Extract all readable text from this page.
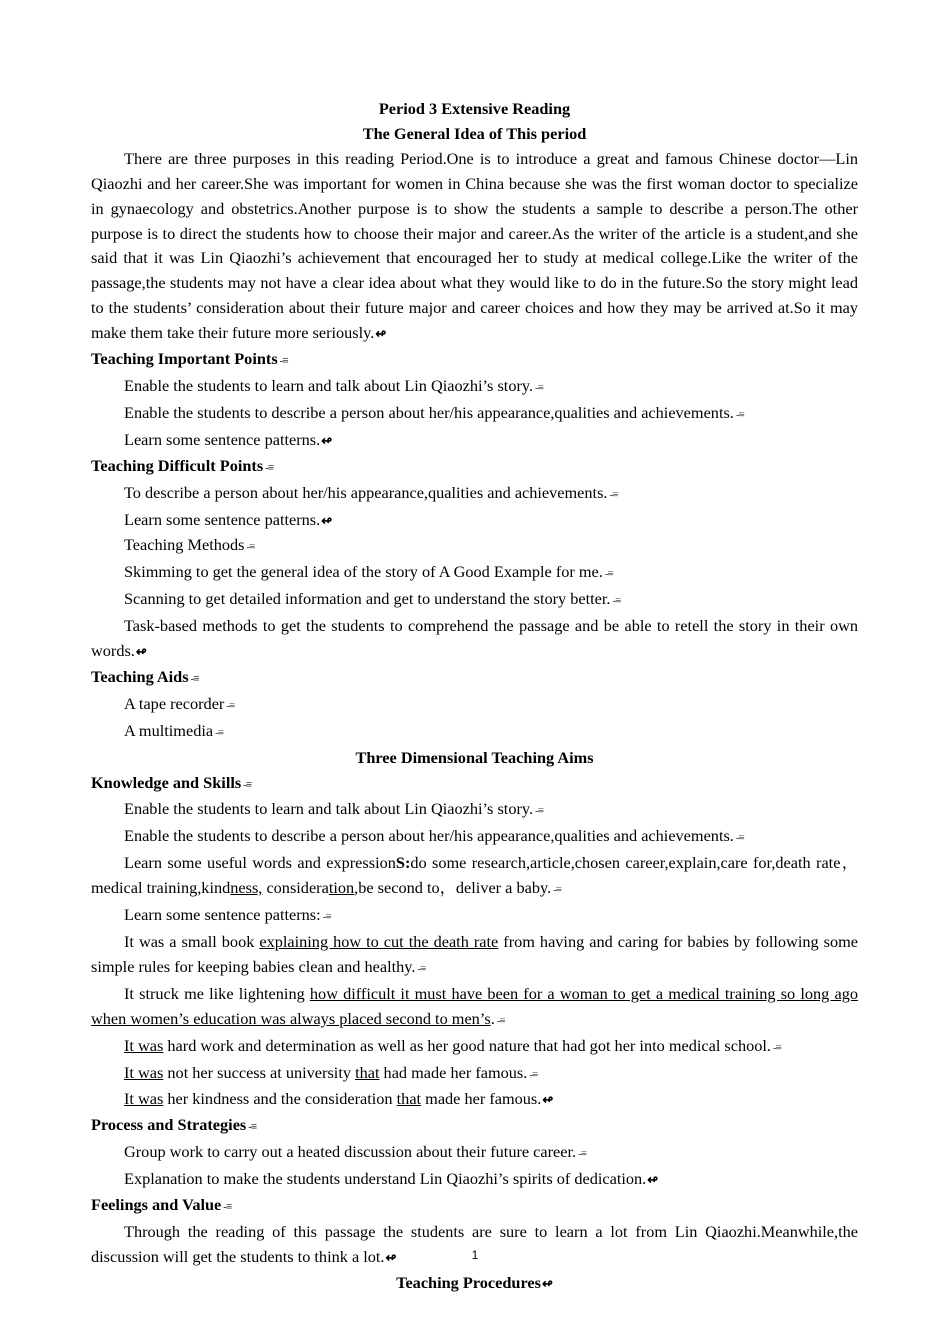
Period 3 Extensive Reading

The General Idea of This period

There are three purposes in this reading Period.One is to introduce a great and famous Chinese doctor—Lin Qiaozhi and her career.She was important for women in China because she was the first woman doctor to specialize in gynaecology and obstetrics.Another purpose is to show the students a sample to describe a person.The other purpose is to direct the students how to choose their major and career.As the writer of the article is a student,and she said that it was Lin Qiaozhi’s achievement that encouraged her to study at medical college.Like the writer of the passage,the students may not have a clear idea about what they would like to do in the future.So the story might lead to the students’ consideration about their future major and career choices and how they may be arrived at.So it may make them take their future more seriously.↫

Teaching Important Points -≡

Enable the students to learn and talk about Lin Qiaozhi’s story. -≡

Enable the students to describe a person about her/his appearance,qualities and achievements. -≡

Learn some sentence patterns.↫

Teaching Difficult Points -≡

To describe a person about her/his appearance,qualities and achievements. -≡

Learn some sentence patterns.↫

Teaching Methods -≡

Skimming to get the general idea of the story of A Good Example for me. -≡

Scanning to get detailed information and get to understand the story better. -≡

Task-based methods to get the students to comprehend the passage and be able to retell the story in their own words.↫

Teaching Aids -≡

A tape recorder -≡

A multimedia -≡

Three Dimensional Teaching Aims

Knowledge and Skills -≡

Enable the students to learn and talk about Lin Qiaozhi’s story. -≡

Enable the students to describe a person about her/his appearance,qualities and achievements. -≡

Learn some useful words and expressionS:do some research,article,chosen career,explain,care for,death rate，medical training,kindness, consideration,be second to，deliver a baby. -≡

Learn some sentence patterns: -≡

It was a small book explaining how to cut the death rate from having and caring for babies by following some simple rules for keeping babies clean and healthy. -≡

It struck me like lightening how difficult it must have been for a woman to get a medical training so long ago when women’s education was always placed second to men’s. -≡

It was hard work and determination as well as her good nature that had got her into medical school. -≡

It was not her success at university that had made her famous. -≡

It was her kindness and the consideration that made her famous.↫

Process and Strategies -≡

Group work to carry out a heated discussion about their future career. -≡

Explanation to make the students understand Lin Qiaozhi’s spirits of dedication.↫

Feelings and Value -≡

Through the reading of this passage the students are sure to learn a lot from Lin Qiaozhi.Meanwhile,the discussion will get the students to think a lot.↫

Teaching Procedures↫

1
